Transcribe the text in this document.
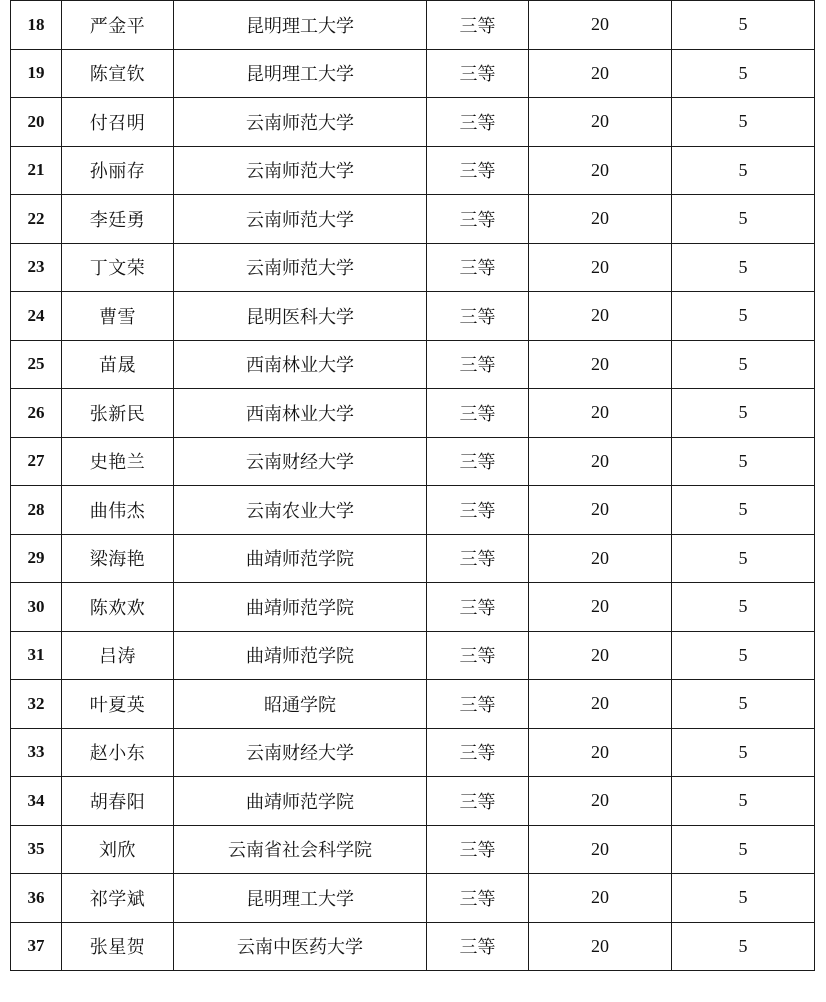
18	严金平	昆明理工大学	三等	20	5
19	陈宣钦	昆明理工大学	三等	20	5
20	付召明	云南师范大学	三等	20	5
21	孙丽存	云南师范大学	三等	20	5
22	李廷勇	云南师范大学	三等	20	5
23	丁文荣	云南师范大学	三等	20	5
24	曹雪	昆明医科大学	三等	20	5
25	苗晟	西南林业大学	三等	20	5
26	张新民	西南林业大学	三等	20	5
27	史艳兰	云南财经大学	三等	20	5
28	曲伟杰	云南农业大学	三等	20	5
29	梁海艳	曲靖师范学院	三等	20	5
30	陈欢欢	曲靖师范学院	三等	20	5
31	吕涛	曲靖师范学院	三等	20	5
32	叶夏英	昭通学院	三等	20	5
33	赵小东	云南财经大学	三等	20	5
34	胡春阳	曲靖师范学院	三等	20	5
35	刘欣	云南省社会科学院	三等	20	5
36	祁学斌	昆明理工大学	三等	20	5
37	张星贺	云南中医药大学	三等	20	5
